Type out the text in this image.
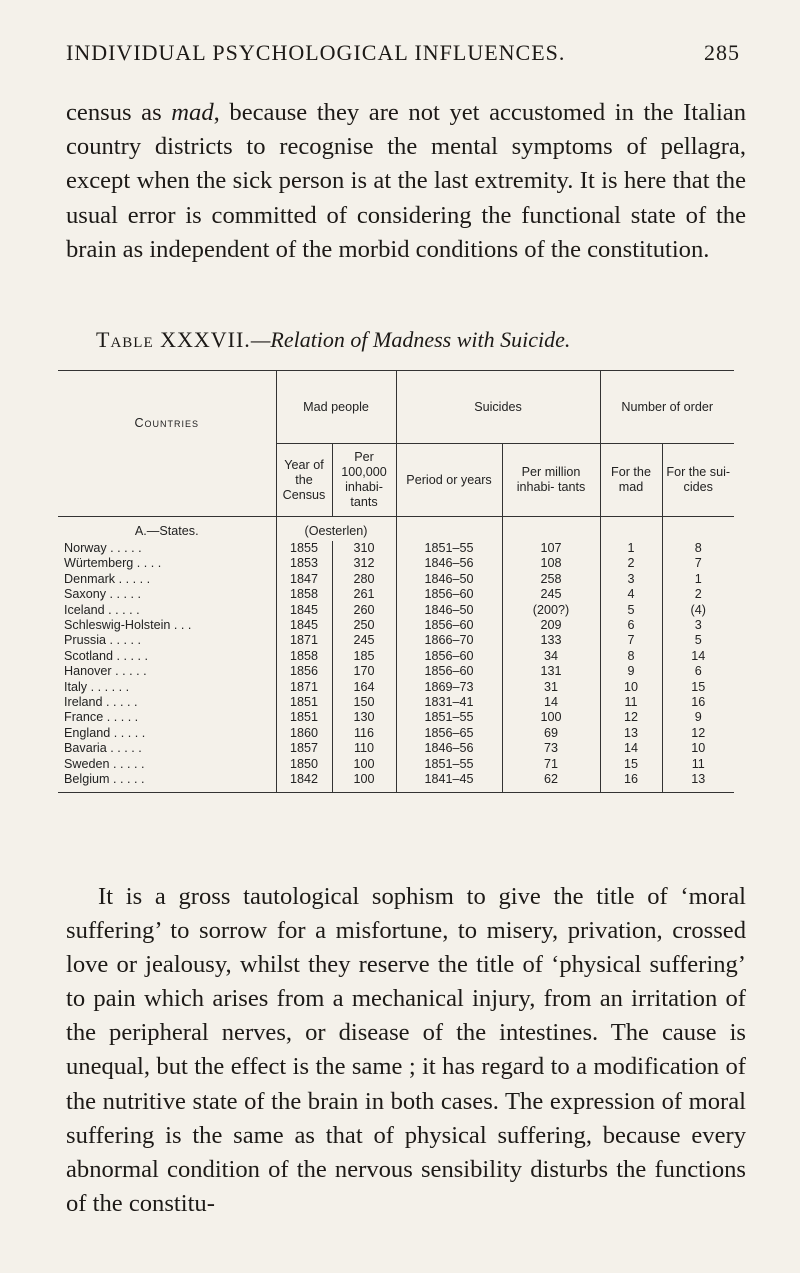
INDIVIDUAL PSYCHOLOGICAL INFLUENCES.	285

census as mad, because they are not yet accustomed in the Italian country districts to recognise the mental symptoms of pellagra, except when the sick person is at the last extremity. It is here that the usual error is committed of considering the functional state of the brain as independent of the morbid conditions of the constitution.

Table XXXVII.—Relation of Madness with Suicide.
Countries	Mad people		Suicides		Number of order	
	Year of the Census	Per 100,000 inhabi- tants	Period or years	Per million inhabi- tants	For the mad	For the sui- cides
A.—States.	(Oesterlen)					
Norway . . . . .	1855	310	1851–55	107	1	8
Würtemberg . . . .	1853	312	1846–56	108	2	7
Denmark . . . . .	1847	280	1846–50	258	3	1
Saxony . . . . .	1858	261	1856–60	245	4	2
Iceland . . . . .	1845	260	1846–50	(200?)	5	(4)
Schleswig-Holstein . . .	1845	250	1856–60	209	6	3
Prussia . . . . .	1871	245	1866–70	133	7	5
Scotland . . . . .	1858	185	1856–60	34	8	14
Hanover . . . . .	1856	170	1856–60	131	9	6
Italy . . . . . .	1871	164	1869–73	31	10	15
Ireland . . . . .	1851	150	1831–41	14	11	16
France . . . . .	1851	130	1851–55	100	12	9
England . . . . .	1860	116	1856–65	69	13	12
Bavaria . . . . .	1857	110	1846–56	73	14	10
Sweden . . . . .	1850	100	1851–55	71	15	11
Belgium . . . . .	1842	100	1841–45	62	16	13

It is a gross tautological sophism to give the title of ‘moral suffering’ to sorrow for a misfortune, to misery, privation, crossed love or jealousy, whilst they reserve the title of ‘physical suffering’ to pain which arises from a mechanical injury, from an irritation of the peripheral nerves, or disease of the intestines. The cause is unequal, but the effect is the same ; it has regard to a modification of the nutritive state of the brain in both cases. The expression of moral suffering is the same as that of physical suffering, because every abnormal condition of the nervous sensibility disturbs the functions of the constitu-
